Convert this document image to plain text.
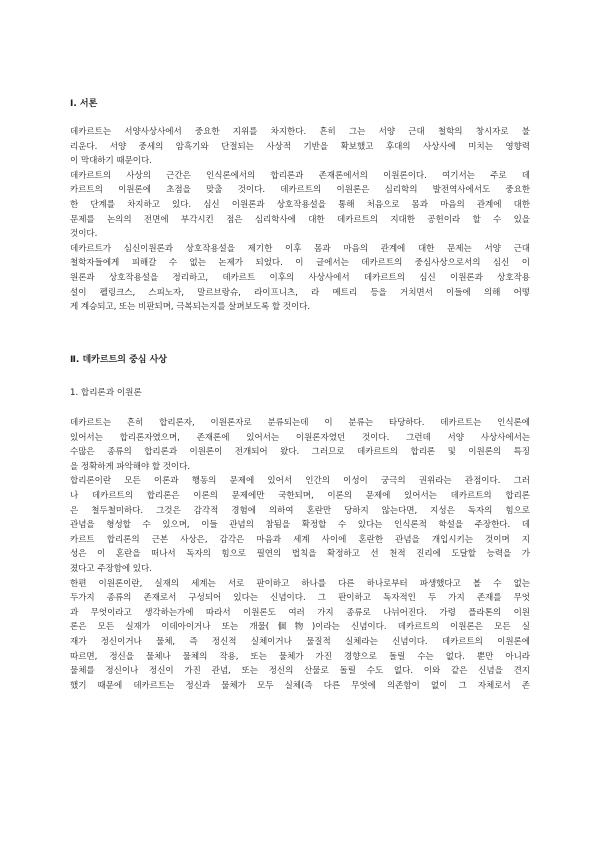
Ⅰ. 서론
데카르트는 서양사상사에서 중요한 지위를 차지한다. 흔히 그는 서양 근대 철학의 창시자로 불
리운다. 서양 중세의 암흑기와 단절되는 사상적 기반을 확보했고 후대의 사상사에 미치는 영향력
이 막대하기 때문이다.
데카르트의 사상의 근간은 인식론에서의 합리론과 존재론에서의 이원론이다. 여기서는 주로 데
카르트의 이원론에 초점을 맞출 것이다. 데카르트의 이원론은 심리학의 발전역사에서도 중요한
한 단계를 차지하고 있다. 심신 이원론과 상호작용설을 통해 처음으로 몸과 마음의 관계에 대한
문제를 논의의 전면에 부각시킨 점은 심리학사에 대한 데카르트의 지대한 공헌이라 할 수 있을
것이다.
데카르트가 심신이원론과 상호작용설을 제기한 이후 몸과 마음의 관계에 대한 문제는 서양 근대
철학자들에게 피해갈 수 없는 논제가 되었다. 이 글에서는 데카르트의 중심사상으로서의 심신 이
원론과 상호작용설을 정리하고, 데카르트 이후의 사상사에서 데카르트의 심신 이원론과 상호작용
설이 펠링크스, 스피노자, 말르브랑슈, 라이프니츠, 라 메트리 등을 거치면서 이들에 의해 어떻
게 계승되고, 또는 비판되며, 극복되는지를 살펴보도록 할 것이다.
Ⅱ. 데카르트의 중심 사상
1. 합리론과 이원론
데카르트는 흔히 합리론자, 이원론자로 분류되는데 이 분류는 타당하다. 데카르트는 인식론에
있어서는 합리론자였으며, 존재론에 있어서는 이원론자였던 것이다. 그런데 서양 사상사에서는
수많은 종류의 합리론과 이원론이 전개되어 왔다. 그러므로 데카르트의 합리론 및 이원론의 특징
을 정확하게 파악해야 할 것이다.
합리론이란 모든 이론과 행동의 문제에 있어서 인간의 이성이 궁극의 권위라는 관점이다. 그러
나 데카르트의 합리론은 이론의 문제에만 국한되며, 이론의 문제에 있어서는 데카르트의 합리론
은 철두철미하다. 그것은 감각적 경험에 의하여 혼란만 당하지 않는다면, 지성은 독자의 힘으로
관념을 형성할 수 있으며, 이들 관념의 참됨을 확정할 수 있다는 인식론적 학설을 주장한다. 데
카르트 합리론의 근본 사상은, 감각은 마음과 세계 사이에 혼란한 관념을 개입시키는 것이며 지
성은 이 혼란을 떠나서 독자의 힘으로 필연의 법칙을 확정하고 선 천적 진리에 도달할 능력을 가
졌다고 주장함에 있다.
한편 이원론이란, 실재의 세계는 서로 판이하고 하나를 다른 하나로부터 파생했다고 볼 수 없는
두가지 종류의 존재로서 구성되어 있다는 신념이다. 그 판이하고 독자적인 두 가지 존재를 무엇
과 무엇이라고 생각하는가에 따라서 이원론도 여러 가지 종류로 나뉘어진다. 가령 플라톤의 이원
론은 모든 실재가 이데아이거나 또는 개물(個物)이라는 신념이다. 데카르트의 이원론은 모든 실
재가 정신이거나 물체, 즉 정신적 실체이거나 물질적 실체라는 신념이다. 데카르트의 이원론에
따르면, 정신을 물체나 물체의 작용, 또는 물체가 가진 경향으로 돌릴 수는 없다. 뿐만 아니라
물체를 정신이나 정신이 가진 관념, 또는 정신의 산물로 돌릴 수도 없다. 이와 같은 신념을 견지
했기 때문에 데카르트는 정신과 물체가 모두 실체(즉 다른 무엇에 의존함이 없이 그 자체로서 존
